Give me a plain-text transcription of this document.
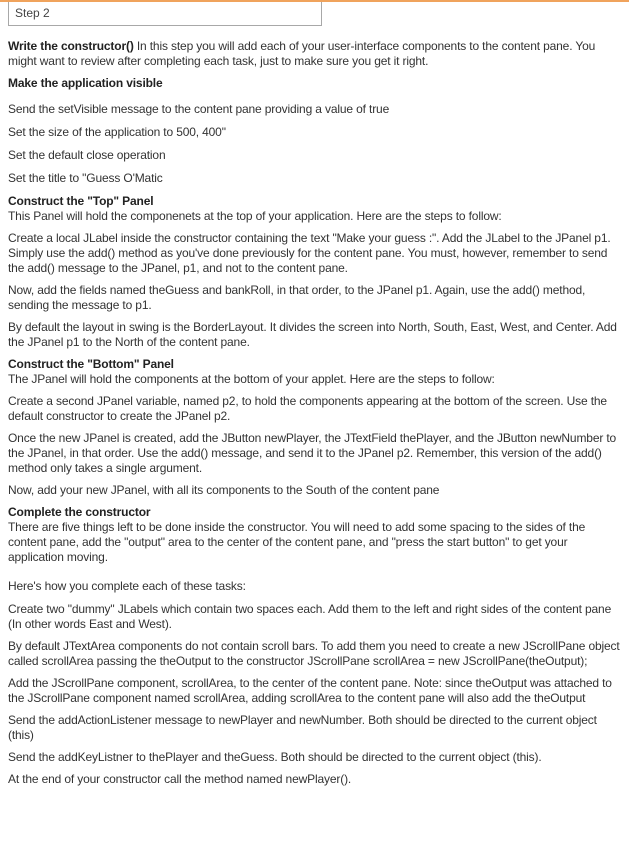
Step 2

Write the constructor() In this step you will add each of your user-interface components to the content pane. You might want to review after completing each task, just to make sure you get it right.

Make the application visible

Send the setVisible message to the content pane providing a value of true

Set the size of the application to 500, 400"

Set the default close operation

Set the title to "Guess O'Matic

Construct the "Top" Panel

This Panel will hold the componenets at the top of your application. Here are the steps to follow:

Create a local JLabel inside the constructor containing the text "Make your guess :". Add the JLabel to the JPanel p1. Simply use the add() method as you've done previously for the content pane. You must, however, remember to send the add() message to the JPanel, p1, and not to the content pane.

Now, add the fields named theGuess and bankRoll, in that order, to the JPanel p1. Again, use the add() method, sending the message to p1.

By default the layout in swing is the BorderLayout. It divides the screen into North, South, East, West, and Center. Add the JPanel p1 to the North of the content pane.

Construct the "Bottom" Panel

The JPanel will hold the components at the bottom of your applet. Here are the steps to follow:

Create a second JPanel variable, named p2, to hold the components appearing at the bottom of the screen. Use the default constructor to create the JPanel p2.

Once the new JPanel is created, add the JButton newPlayer, the JTextField thePlayer, and the JButton newNumber to the JPanel, in that order. Use the add() message, and send it to the JPanel p2. Remember, this version of the add() method only takes a single argument.

Now, add your new JPanel, with all its components to the South of the content pane

Complete the constructor

There are five things left to be done inside the constructor. You will need to add some spacing to the sides of the content pane, add the "output" area to the center of the content pane, and "press the start button" to get your application moving.

Here's how you complete each of these tasks:

Create two "dummy" JLabels which contain two spaces each. Add them to the left and right sides of the content pane (In other words East and West).

By default JTextArea components do not contain scroll bars. To add them you need to create a new JScrollPane object called scrollArea passing the theOutput to the constructor JScrollPane scrollArea = new JScrollPane(theOutput);

Add the JScrollPane component, scrollArea, to the center of the content pane. Note: since theOutput was attached to the JScrollPane component named scrollArea, adding scrollArea to the content pane will also add the theOutput

Send the addActionListener message to newPlayer and newNumber. Both should be directed to the current object (this)

Send the addKeyListner to thePlayer and theGuess. Both should be directed to the current object (this).

At the end of your constructor call the method named newPlayer().
